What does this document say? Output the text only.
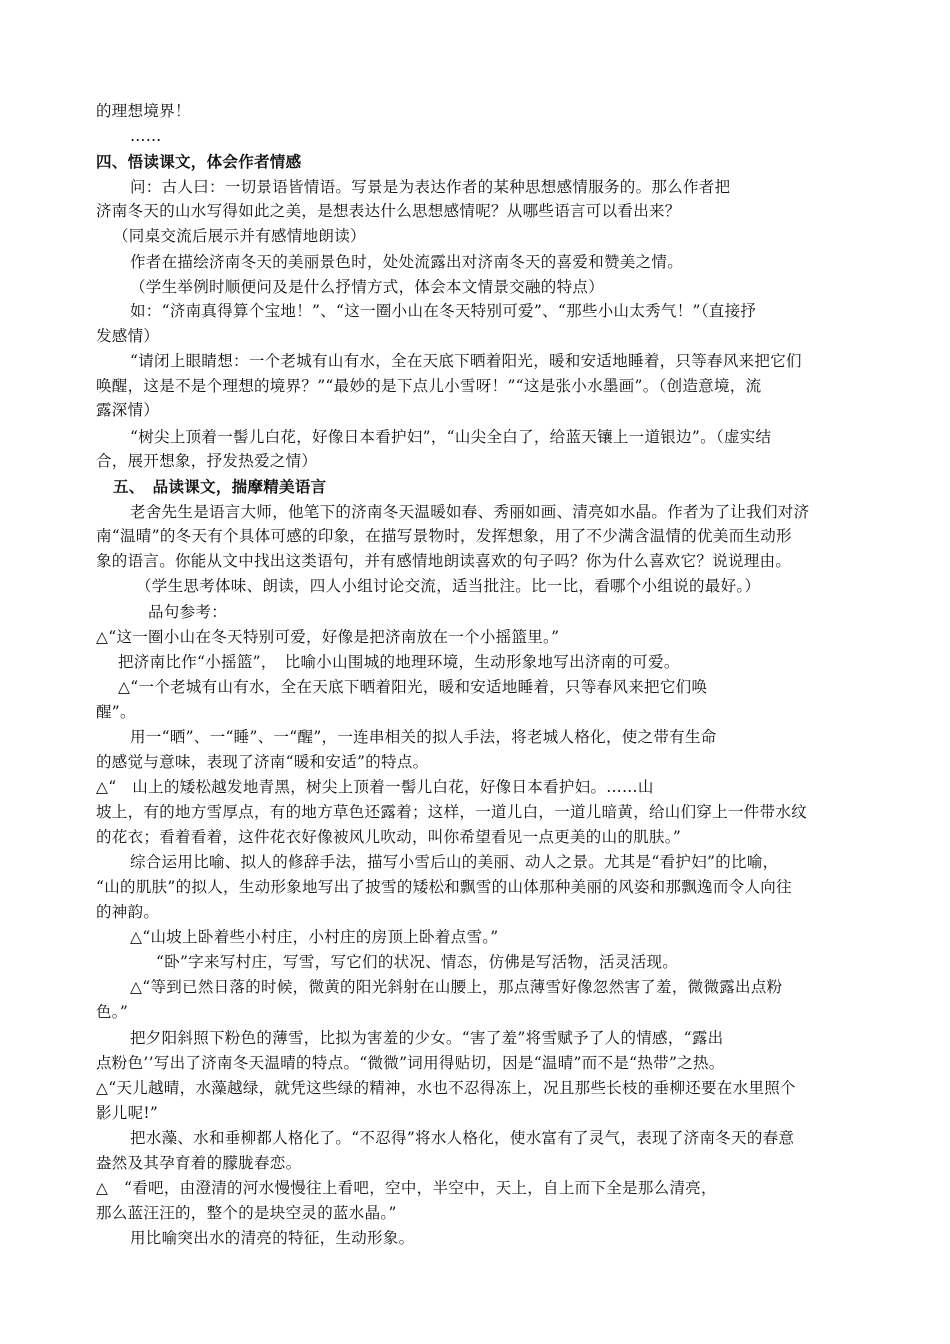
的理想境界！
……
四、悟读课文，体会作者情感
问：古人曰：一切景语皆情语。写景是为表达作者的某种思想感情服务的。那么作者把
济南冬天的山水写得如此之美，是想表达什么思想感情呢？从哪些语言可以看出来？
（同桌交流后展示并有感情地朗读）
作者在描绘济南冬天的美丽景色时，处处流露出对济南冬天的喜爱和赞美之情。
（学生举例时顺便问及是什么抒情方式，体会本文情景交融的特点）
如：“济南真得算个宝地！”、“这一圈小山在冬天特别可爱”、“那些小山太秀气！”（直接抒
发感情）
“请闭上眼睛想：一个老城有山有水，全在天底下晒着阳光，暖和安适地睡着，只等春风来把它们
唤醒，这是不是个理想的境界？”“最妙的是下点儿小雪呀！”“这是张小水墨画”。（创造意境，流
露深情）
“树尖上顶着一髻儿白花，好像日本看护妇”，“山尖全白了，给蓝天镶上一道银边”。（虚实结
合，展开想象，抒发热爱之情）
五、　品读课文，揣摩精美语言
老舍先生是语言大师，他笔下的济南冬天温暖如春、秀丽如画、清亮如水晶。作者为了让我们对济
南“温晴”的冬天有个具体可感的印象，在描写景物时，发挥想象，用了不少满含温情的优美而生动形
象的语言。你能从文中找出这类语句，并有感情地朗读喜欢的句子吗？你为什么喜欢它？说说理由。
（学生思考体味、朗读，四人小组讨论交流，适当批注。比一比，看哪个小组说的最好。）
品句参考：
△“这一圈小山在冬天特别可爱，好像是把济南放在一个小摇篮里。”
把济南比作“小摇篮”，　比喻小山围城的地理环境，生动形象地写出济南的可爱。
△“一个老城有山有水，全在天底下晒着阳光，暖和安适地睡着，只等春风来把它们唤
醒”。
用一“晒”、一“睡”、一“醒”，一连串相关的拟人手法，将老城人格化，使之带有生命
的感觉与意味，表现了济南“暖和安适”的特点。
△“　山上的矮松越发地青黑，树尖上顶着一髻儿白花，好像日本看护妇。……山
坡上，有的地方雪厚点，有的地方草色还露着；这样，一道儿白，一道儿暗黄，给山们穿上一件带水纹
的花衣；看着看着，这件花衣好像被风儿吹动，叫你希望看见一点更美的山的肌肤。”
综合运用比喻、拟人的修辞手法，描写小雪后山的美丽、动人之景。尤其是“看护妇”的比喻，
“山的肌肤”的拟人，生动形象地写出了披雪的矮松和飘雪的山体那种美丽的风姿和那飘逸而令人向往
的神韵。
△“山坡上卧着些小村庄，小村庄的房顶上卧着点雪。”
“卧”字来写村庄，写雪，写它们的状况、情态，仿佛是写活物，活灵活现。
△“等到已然日落的时候，微黄的阳光斜射在山腰上，那点薄雪好像忽然害了羞，微微露出点粉
色。”
把夕阳斜照下粉色的薄雪，比拟为害羞的少女。“害了羞”将雪赋予了人的情感，“露出
点粉色’’写出了济南冬天温晴的特点。“微微”词用得贴切，因是“温晴”而不是“热带”之热。
△“天儿越晴，水藻越绿，就凭这些绿的精神，水也不忍得冻上，况且那些长枝的垂柳还要在水里照个
影儿呢!”
把水藻、水和垂柳都人格化了。“不忍得”将水人格化，使水富有了灵气，表现了济南冬天的春意
盎然及其孕育着的朦胧春恋。
△　“看吧，由澄清的河水慢慢往上看吧，空中，半空中，天上，自上而下全是那么清亮，
那么蓝汪汪的，整个的是块空灵的蓝水晶。”
用比喻突出水的清亮的特征，生动形象。
